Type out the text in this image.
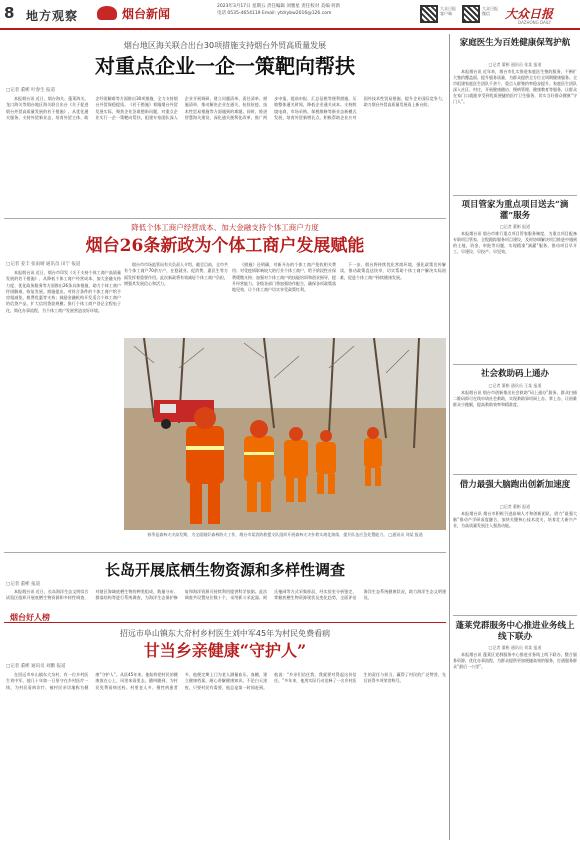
8 地方观察	烟台新闻
2023年3月17日 星期五 责任编辑 刘雅星 责任校对 美编 何新
电话 0535-4654119 Email: ytdrybw2016@126.com
大众日报 客户端
大众日报 微信	大众日报
DAZHONG DAILY
烟台地区海关联合出台30项措施支持烟台外贸高质量发展
对重点企业一企一策靶向帮扶
□记者 董彬 叶春生 报道
本报烟台讯 近日，烟台海关、蓬莱海关、龙口海关等烟台地区海关联合出台《关于促进烟台外贸高质量发展的若干措施》，从优化通关服务、支持外贸新业态、培育外贸主体、助企纾困解难等方面推出30项措施，全力支持烟台外贸保稳提质。《若干措施》着眼烟台外贸发展实际，聚焦企业急难愁盼问题，对重点企业实行一企一策靶向帮扶，组建专家团队深入企业开展调研，建立问题清单、责任清单、措施清单，推动解决企业在通关、检验检疫、技术性贸易措施等方面遇到的难题。同时，推进智慧海关建设，深化通关便利化改革，推广两步申报、提前申报、汇总征税等便利措施，压缩整体通关时间，降低企业通关成本。支持跨境电商、市场采购、保税维修等新业态新模式发展，培育外贸新增长点。积极帮助企业应对国外技术性贸易措施，提升企业国际竞争力，助力烟台外贸高质量发展再上新台阶。
降低个体工商户经营成本、加大金融支持个体工商户力度
烟台26条新政为个体工商户发展赋能
□记者 姜丰 张雨晴 通讯员 田宁 报道
本报烟台讯 近日，烟台市印发《关于支持个体工商户高质量发展的若干措施》，从降低个体工商户经营成本、加大金融支持力度、优化政务服务等方面推出26条具体措施，助力个体工商户纾困解难、恢复发展。措施提出，对符合条件的个体工商户给予房租减免、税费优惠等支持；鼓励金融机构开发适合个体工商户的信贷产品，扩大信用贷款规模；推行个体工商户登记全程电子化，简化办事流程，为个体工商户发展营造良好环境。
烟台市市场监管局有关负责人介绍，截至目前，全市共有个体工商户70余万户，在稳就业、促消费、惠民生等方面发挥着重要作用。此次新政将有效减轻个体工商户负担，增强其发展信心和活力。
《措施》还明确，对新开办的个体工商户免收相关费用；对受疫情影响较大的行业个体工商户，给予阶段性社保费缓缴支持；加强对个体工商户的技能培训和创业指导，提升经营能力。各级各部门将加强协作配合，确保各项政策落地见效，让个体工商户切实享受政策红利。
下一步，烟台将持续优化营商环境，强化政策宣传解读，推动政策直达快享，切实帮助个体工商户解决实际困难，促进个体工商户持续健康发展。
春季是森林火灾高发期，为全面做好森林防火工作，烟台市某消防救援支队组织开展森林火灾扑救实战化演练，提升队伍应急处置能力。 □通讯员 刘某 报道
长岛开展底栖生物资源和多样性调查
□记者 董彬 报道
本报烟台讯 近日，长岛海洋生态文明综合试验区组织开展底栖生物资源和多样性调查，对辖区海域底栖生物的种类组成、数量分布、群落结构等进行系统调查，为海洋生态保护修复和海洋资源可持续利用提供科学依据。此次调查共设置站位数十个，采用抓斗采泥器、阿氏拖网等方式采集样品，经实验室分析鉴定，掌握底栖生物资源现状及变化趋势，全面评估海洋生态系统健康状况，助力海洋生态文明建设。
烟台好人榜
招远市阜山镇东大夼村乡村医生刘中军45年为村民免费看病
甘当乡亲健康“守护人”
□记者 董彬 通讯员 刘鹏 报道
在招远市阜山镇东大夼村，有一位乡村医生刘中军，他几十年如一日坚守在乡村医疗一线，为村民看病诊疗，被村民亲切地称为健康“守护人”。从医45年来，他始终把村民的健康放在心上，风里来雨里去，随叫随到，为村民免费看病送药。村里老人多、慢性病患者多，他便定期上门为老人测量血压、血糖，建立健康档案，耐心讲解健康知识。不论白天黑夜，只要村民有需要，他总是第一时间赶到。他说：“乡亲们信任我，我就要对得起这份信任。”多年来，他用实际行动诠释了一名乡村医生的责任与担当，赢得了村民的广泛赞誉，先后获得多项荣誉称号。
家庭医生为百姓健康保驾护航
□记者 董彬 通讯员 张某 报道
本报烟台讯 近年来，烟台市扎实推进家庭医生签约服务，不断扩大签约覆盖面，提升服务质量，为群众提供全方位全周期健康服务。全市组建家庭医生团队千余个，重点人群签约率稳步提升。家庭医生团队深入社区、村庄，开展健康随访、慢病管理、健康教育等服务，让群众在家门口就能享受到优质便捷的医疗卫生服务，切实当好群众健康“守门人”。
项目管家为重点项目送去“滴灌”服务
□记者 董彬 报道
本报烟台讯 烟台市推行重点项目管家服务制度，为重点项目配备专职项目管家，全程跟踪服务项目建设，及时协调解决项目推进中遇到的土地、资金、审批等问题，实现精准“滴灌”服务，推动项目早开工、早建设、早投产、早见效。
社会救助码上通办
□记者 董彬 通讯员 王某 报道
本报烟台讯 烟台市创新推出社会救助“码上通办”服务，群众扫描二维码即可在线申请社会救助，实现救助事项网上办、掌上办，让困难群众少跑腿，提高救助效率和精准度。
借力最强大脑跑出创新加速度
□记者 董彬 报道
本报烟台讯 烟台市积极引进高端人才和创新团队，借力“最强大脑”推动产学研深度融合，加快关键核心技术攻关，培育壮大新兴产业，为高质量发展注入强劲动能。
蓬莱党群服务中心推进业务线上线下联办
□记者 董彬 通讯员 刘某 报道
本报烟台讯 蓬莱区党群服务中心推进业务线上线下联办，整合服务资源，优化办事流程，为群众提供更加便捷高效的服务，打通服务群众“最后一公里”。
